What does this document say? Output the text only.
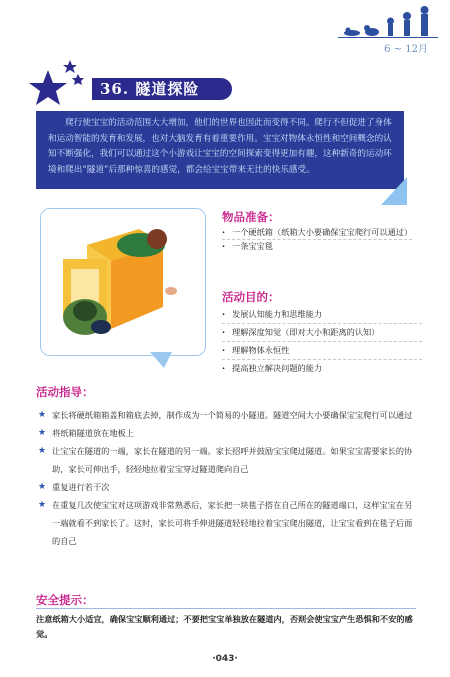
6 ~ 12月
36. 隧道探险
爬行使宝宝的活动范围大大增加，他们的世界也因此而变得不同。爬行不但促进了身体和运动智能的发育和发展，也对大脑发育有着重要作用。宝宝对物体永恒性和空间概念的认知不断强化，我们可以通过这个小游戏让宝宝的空间探索变得更加有趣，这种新奇的运动环境和爬出“隧道”后那种惊喜的感觉，都会给宝宝带来无比的快乐感受。
物品准备：
· 一个硬纸箱（纸箱大小要确保宝宝爬行可以通过）
· 一条宝宝毯
活动目的：
· 发展认知能力和思维能力
· 理解深度知觉（即对大小和距离的认知）
· 理解物体永恒性
· 提高独立解决问题的能力
活动指导：
★ 家长将硬纸箱箱盖和箱底去掉，制作成为一个简易的小隧道。隧道空间大小要确保宝宝爬行可以通过
★ 将纸箱隧道放在地板上
★ 让宝宝在隧道的一端，家长在隧道的另一端。家长招呼并鼓励宝宝爬过隧道。如果宝宝需要家长的协助，家长可伸出手，轻轻地拉着宝宝穿过隧道爬向自己
★ 重复进行若干次
★ 在重复几次使宝宝对这项游戏非常熟悉后，家长把一块毯子搭在自己所在的隧道端口，这样宝宝在另一端就看不到家长了。这时，家长可将手伸进隧道轻轻地拉着宝宝爬出隧道，让宝宝看到在毯子后面的自己
安全提示：
注意纸箱大小适宜，确保宝宝顺利通过；不要把宝宝单独放在隧道内，否则会使宝宝产生恐惧和不安的感觉。
·043·
